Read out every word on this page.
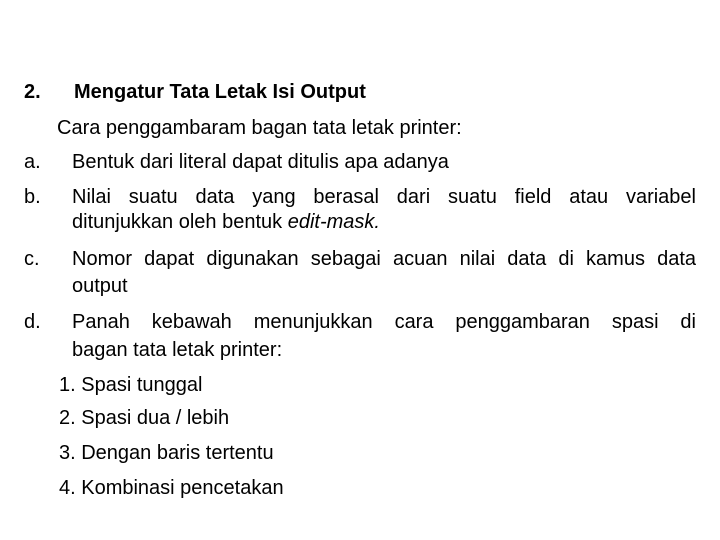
2. Mengatur Tata Letak Isi Output
Cara penggambaram bagan tata letak printer:
a. Bentuk dari literal dapat ditulis apa adanya
b. Nilai suatu data yang berasal dari suatu field atau variabel
ditunjukkan oleh bentuk edit-mask.
c. Nomor dapat digunakan sebagai acuan nilai data di kamus data
output
d. Panah kebawah menunjukkan cara penggambaran spasi di
bagan tata letak printer:
1. Spasi tunggal
2. Spasi dua / lebih
3. Dengan baris tertentu
4. Kombinasi pencetakan
